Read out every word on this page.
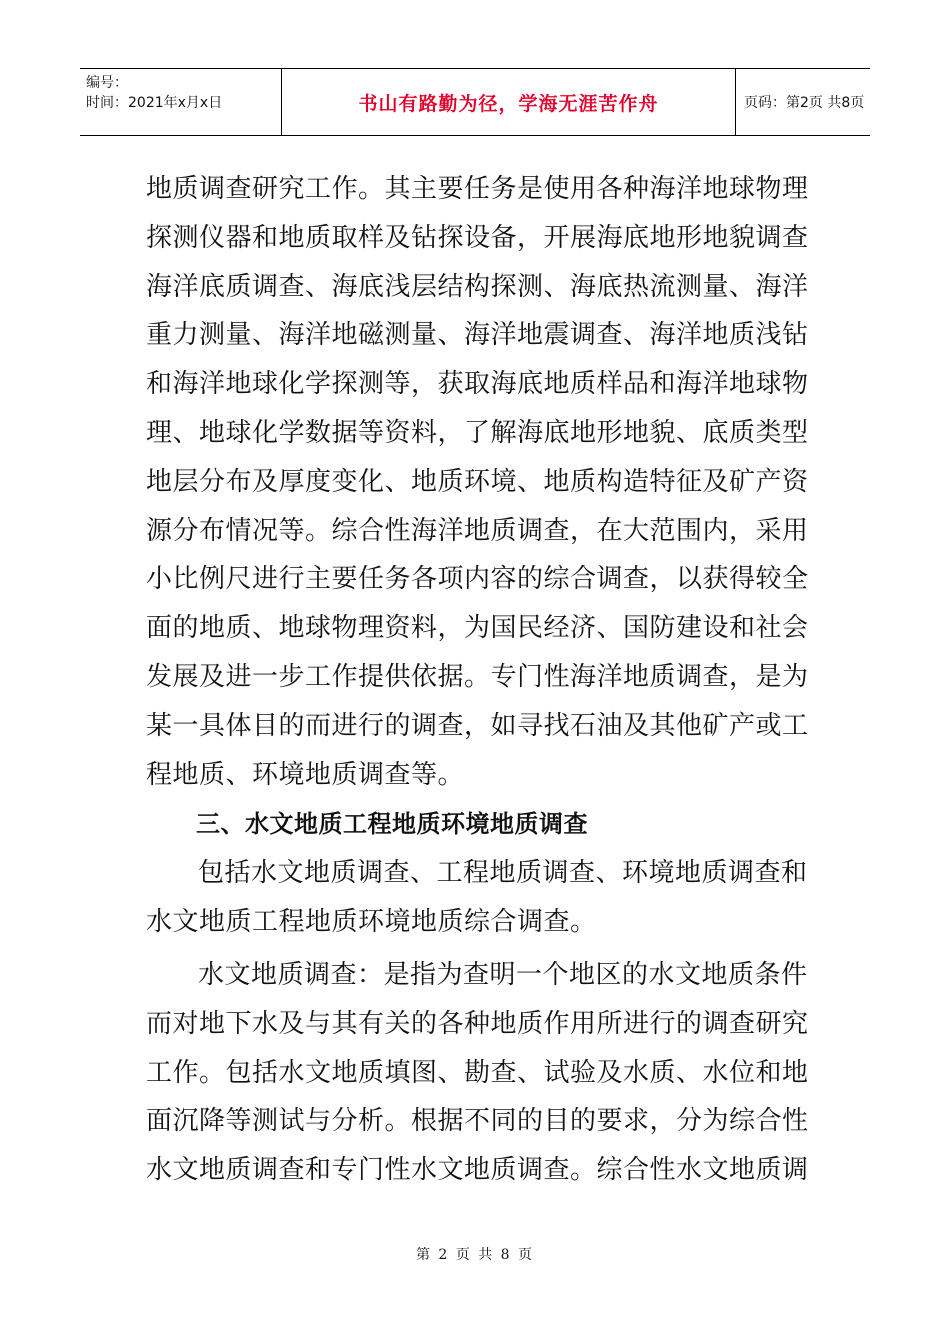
编号：
时间：2021年x月x日	书山有路勤为径，学海无涯苦作舟	页码：第2页 共8页
地质调查研究工作。其主要任务是使用各种海洋地球物理
探测仪器和地质取样及钻探设备，开展海底地形地貌调查
海洋底质调查、海底浅层结构探测、海底热流测量、海洋
重力测量、海洋地磁测量、海洋地震调查、海洋地质浅钻
和海洋地球化学探测等，获取海底地质样品和海洋地球物
理、地球化学数据等资料，了解海底地形地貌、底质类型
地层分布及厚度变化、地质环境、地质构造特征及矿产资
源分布情况等。综合性海洋地质调查，在大范围内，采用
小比例尺进行主要任务各项内容的综合调查，以获得较全
面的地质、地球物理资料，为国民经济、国防建设和社会
发展及进一步工作提供依据。专门性海洋地质调查，是为
某一具体目的而进行的调查，如寻找石油及其他矿产或工
程地质、环境地质调查等。
三、水文地质工程地质环境地质调查
包括水文地质调查、工程地质调查、环境地质调查和
水文地质工程地质环境地质综合调查。
水文地质调查：是指为查明一个地区的水文地质条件
而对地下水及与其有关的各种地质作用所进行的调查研究
工作。包括水文地质填图、勘查、试验及水质、水位和地
面沉降等测试与分析。根据不同的目的要求，分为综合性
水文地质调查和专门性水文地质调查。综合性水文地质调
第 2 页 共 8 页
